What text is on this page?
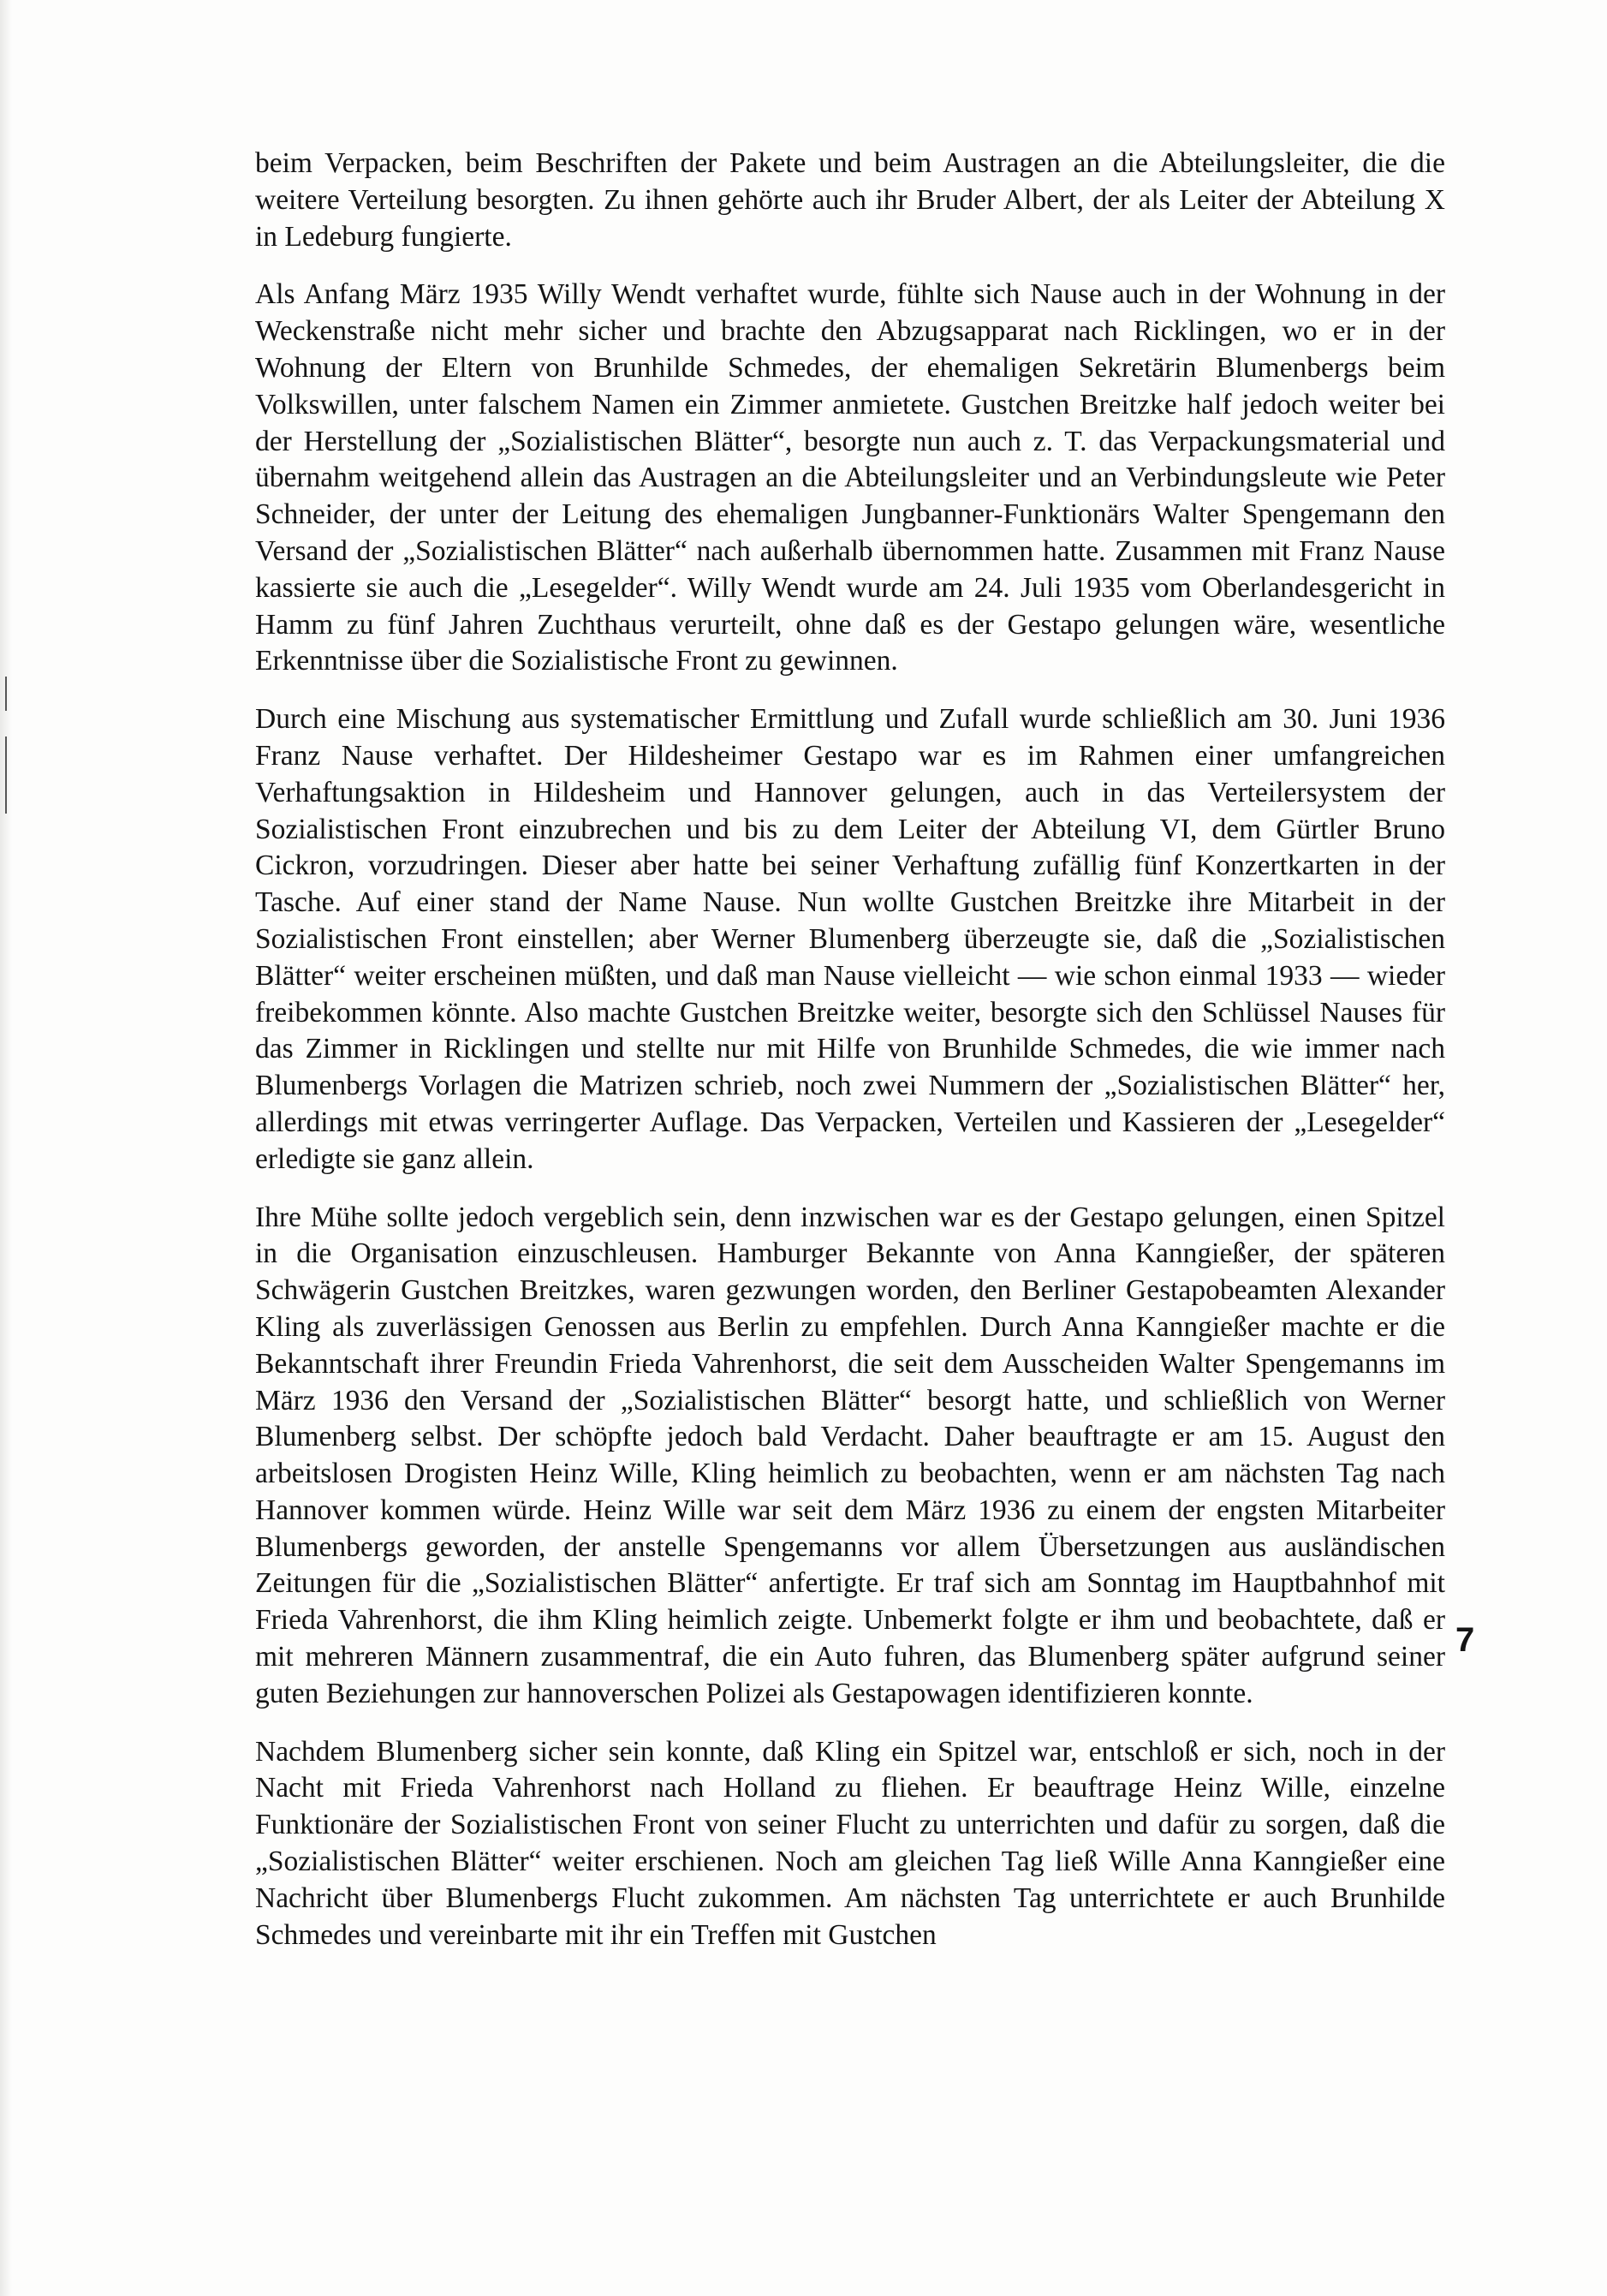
beim Verpacken, beim Beschriften der Pakete und beim Austragen an die Abteilungsleiter, die die weitere Verteilung besorgten. Zu ihnen gehörte auch ihr Bruder Albert, der als Leiter der Abteilung X in Ledeburg fungierte.

Als Anfang März 1935 Willy Wendt verhaftet wurde, fühlte sich Nause auch in der Wohnung in der Weckenstraße nicht mehr sicher und brachte den Abzugsapparat nach Ricklingen, wo er in der Wohnung der Eltern von Brunhilde Schmedes, der ehemaligen Sekretärin Blumenbergs beim Volkswillen, unter falschem Namen ein Zimmer anmietete. Gustchen Breitzke half jedoch weiter bei der Herstellung der „Sozialistischen Blätter“, besorgte nun auch z. T. das Verpackungsmaterial und übernahm weitgehend allein das Austragen an die Abteilungsleiter und an Verbindungsleute wie Peter Schneider, der unter der Leitung des ehemaligen Jungbanner-Funktionärs Walter Spengemann den Versand der „Sozialistischen Blätter“ nach außerhalb übernommen hatte. Zusammen mit Franz Nause kassierte sie auch die „Lesegelder“. Willy Wendt wurde am 24. Juli 1935 vom Oberlandesgericht in Hamm zu fünf Jahren Zuchthaus verurteilt, ohne daß es der Gestapo gelungen wäre, wesentliche Erkenntnisse über die Sozialistische Front zu gewinnen.

Durch eine Mischung aus systematischer Ermittlung und Zufall wurde schließlich am 30. Juni 1936 Franz Nause verhaftet. Der Hildesheimer Gestapo war es im Rahmen einer umfangreichen Verhaftungsaktion in Hildesheim und Hannover gelungen, auch in das Verteilersystem der Sozialistischen Front einzubrechen und bis zu dem Leiter der Abteilung VI, dem Gürtler Bruno Cickron, vorzudringen. Dieser aber hatte bei seiner Verhaftung zufällig fünf Konzertkarten in der Tasche. Auf einer stand der Name Nause. Nun wollte Gustchen Breitzke ihre Mitarbeit in der Sozialistischen Front einstellen; aber Werner Blumenberg überzeugte sie, daß die „Sozialistischen Blätter“ weiter erscheinen müßten, und daß man Nause vielleicht — wie schon einmal 1933 — wieder freibekommen könnte. Also machte Gustchen Breitzke weiter, besorgte sich den Schlüssel Nauses für das Zimmer in Ricklingen und stellte nur mit Hilfe von Brunhilde Schmedes, die wie immer nach Blumenbergs Vorlagen die Matrizen schrieb, noch zwei Nummern der „Sozialistischen Blätter“ her, allerdings mit etwas verringerter Auflage. Das Verpacken, Verteilen und Kassieren der „Lesegelder“ erledigte sie ganz allein.

Ihre Mühe sollte jedoch vergeblich sein, denn inzwischen war es der Gestapo gelungen, einen Spitzel in die Organisation einzuschleusen. Hamburger Bekannte von Anna Kanngießer, der späteren Schwägerin Gustchen Breitzkes, waren gezwungen worden, den Berliner Gestapobeamten Alexander Kling als zuverlässigen Genossen aus Berlin zu empfehlen. Durch Anna Kanngießer machte er die Bekanntschaft ihrer Freundin Frieda Vahrenhorst, die seit dem Ausscheiden Walter Spengemanns im März 1936 den Versand der „Sozialistischen Blätter“ besorgt hatte, und schließlich von Werner Blumenberg selbst. Der schöpfte jedoch bald Verdacht. Daher beauftragte er am 15. August den arbeitslosen Drogisten Heinz Wille, Kling heimlich zu beobachten, wenn er am nächsten Tag nach Hannover kommen würde. Heinz Wille war seit dem März 1936 zu einem der engsten Mitarbeiter Blumenbergs geworden, der anstelle Spengemanns vor allem Übersetzungen aus ausländischen Zeitungen für die „Sozialistischen Blätter“ anfertigte. Er traf sich am Sonntag im Hauptbahnhof mit Frieda Vahrenhorst, die ihm Kling heimlich zeigte. Unbemerkt folgte er ihm und beobachtete, daß er mit mehreren Männern zusammentraf, die ein Auto fuhren, das Blumenberg später aufgrund seiner guten Beziehungen zur hannoverschen Polizei als Gestapowagen identifizieren konnte.

Nachdem Blumenberg sicher sein konnte, daß Kling ein Spitzel war, entschloß er sich, noch in der Nacht mit Frieda Vahrenhorst nach Holland zu fliehen. Er beauftrage Heinz Wille, einzelne Funktionäre der Sozialistischen Front von seiner Flucht zu unterrichten und dafür zu sorgen, daß die „Sozialistischen Blätter“ weiter erschienen. Noch am gleichen Tag ließ Wille Anna Kanngießer eine Nachricht über Blumenbergs Flucht zukommen. Am nächsten Tag unterrichtete er auch Brunhilde Schmedes und vereinbarte mit ihr ein Treffen mit Gustchen

7
